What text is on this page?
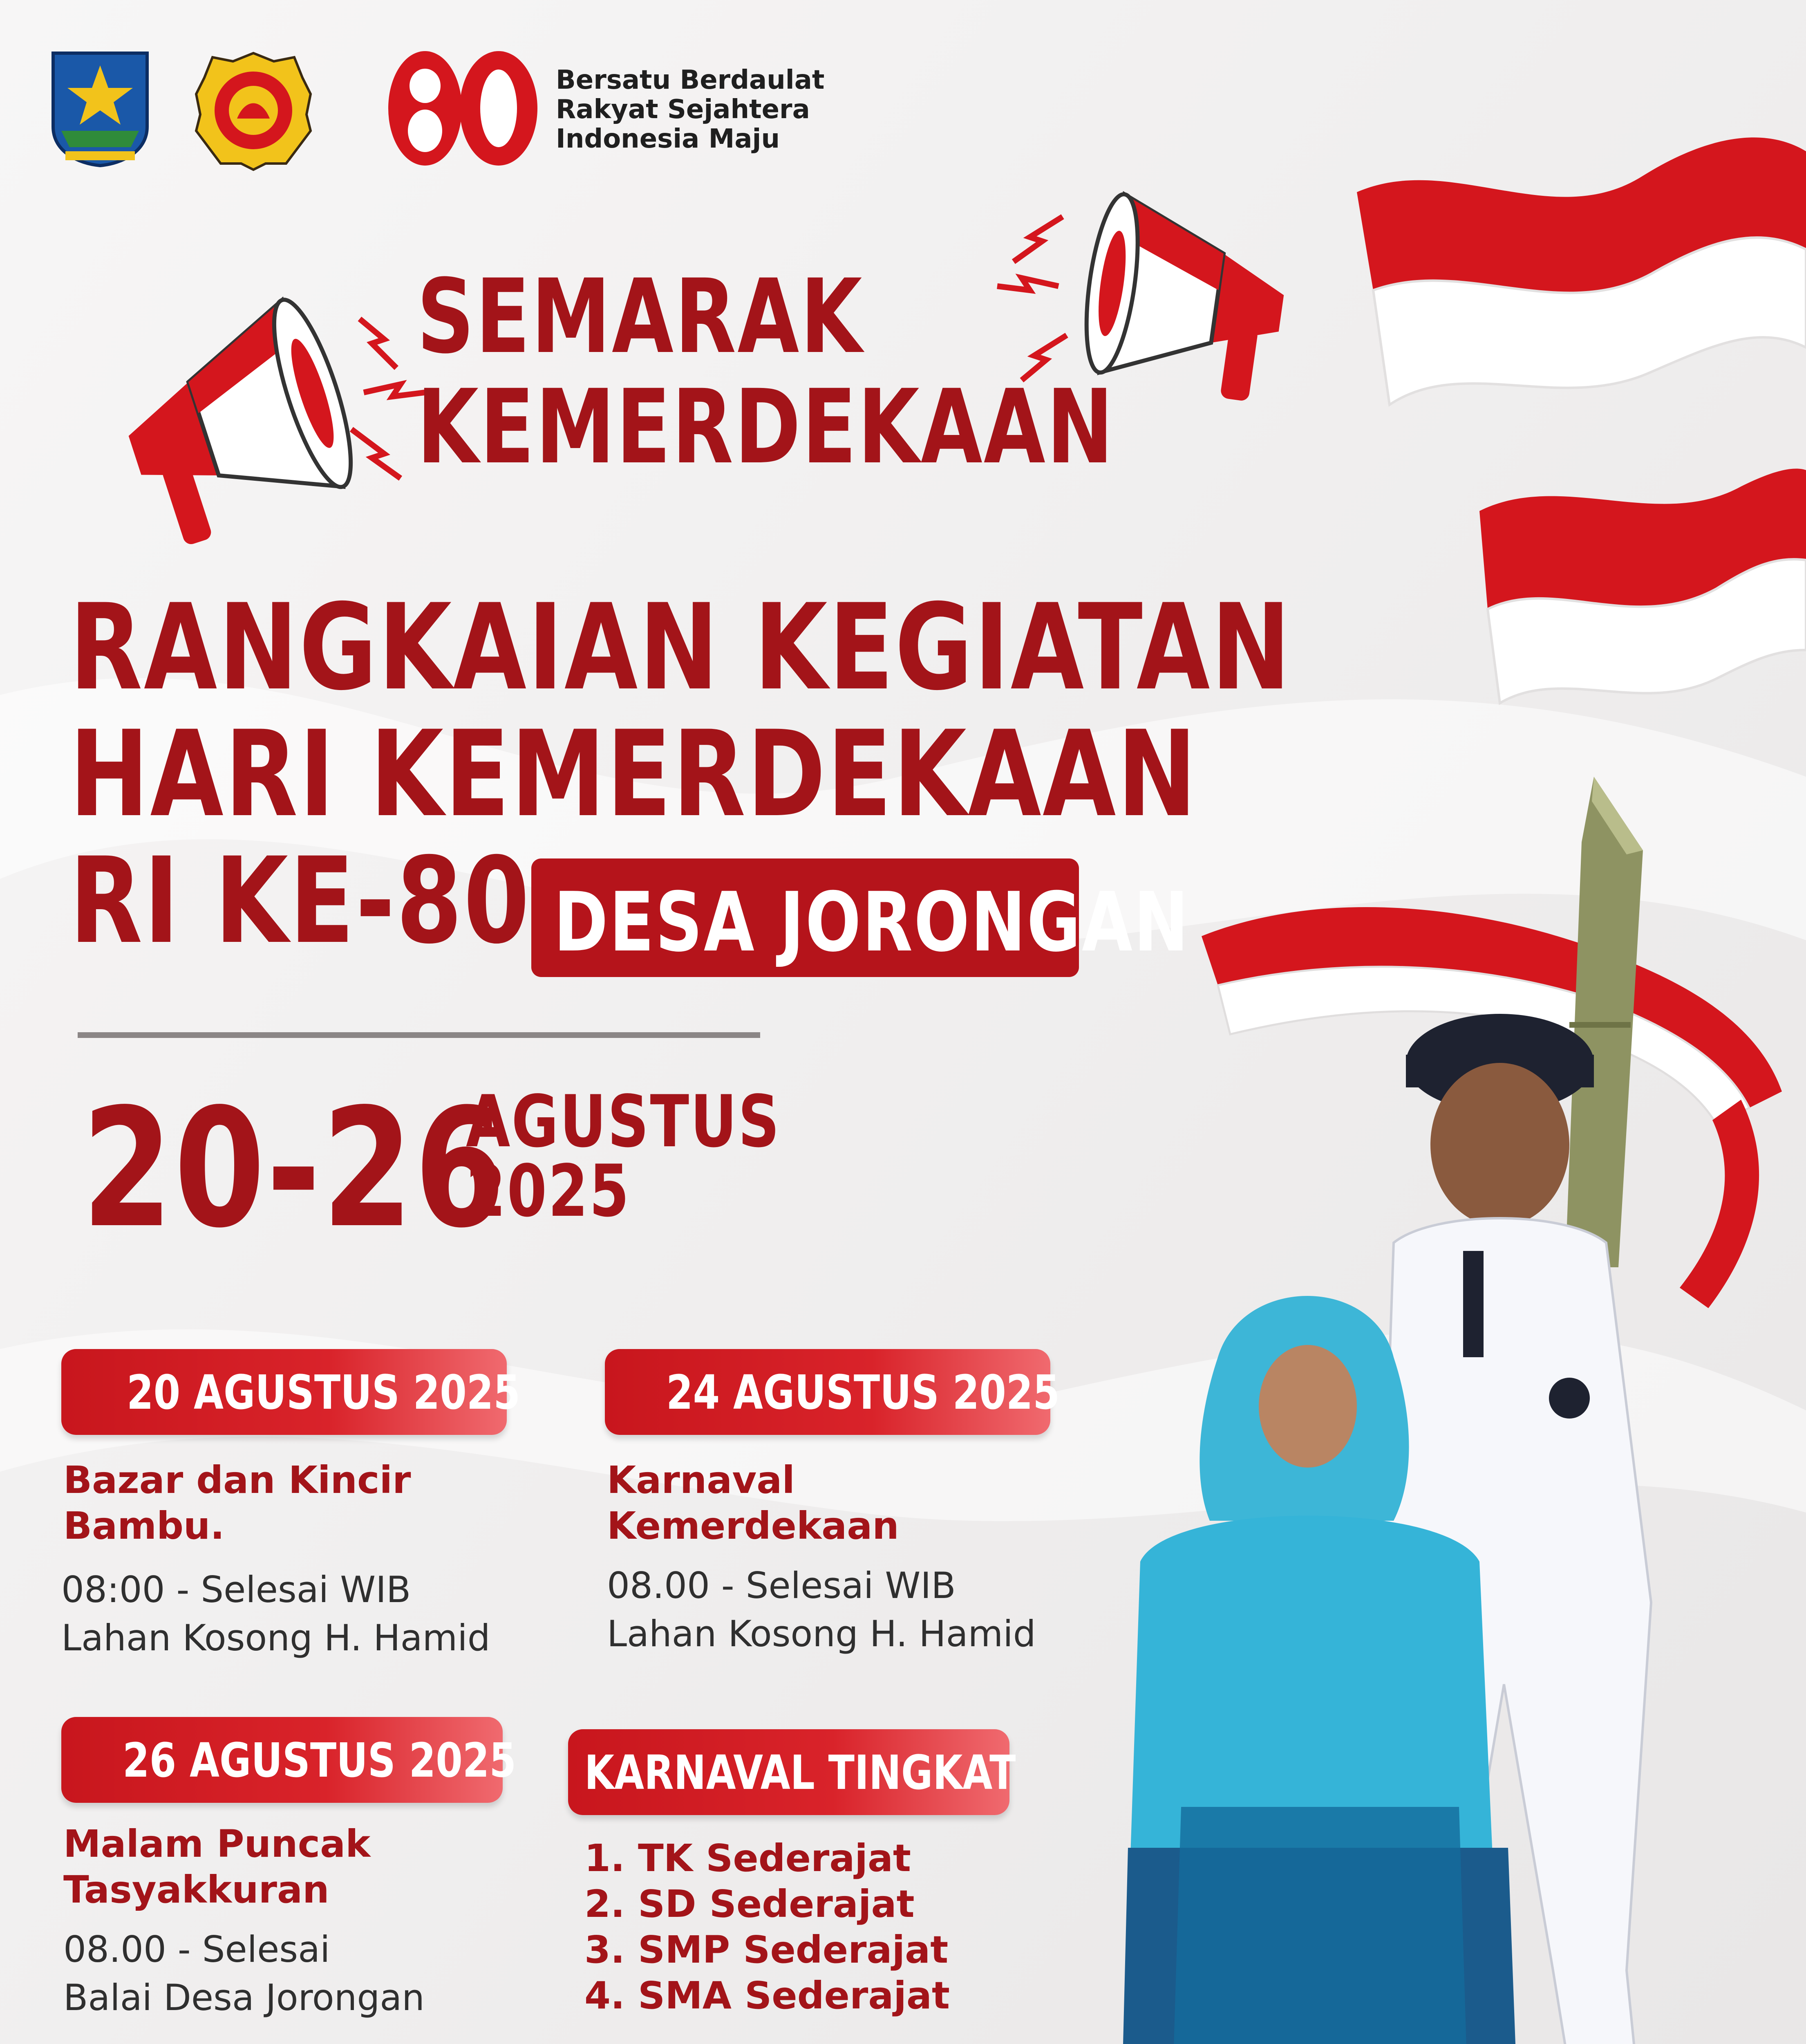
Bersatu Berdaulat
Rakyat Sejahtera
Indonesia Maju
SEMARAK
KEMERDEKAAN
RANGKAIAN KEGIATAN
HARI KEMERDEKAAN
RI KE-80 DESA JORONGAN
20-26
AGUSTUS
2025
20 AGUSTUS 2025
Bazar dan Kincir
Bambu.
08:00 - Selesai WIB
Lahan Kosong H. Hamid
24 AGUSTUS 2025
Karnaval
Kemerdekaan
08.00 - Selesai WIB
Lahan Kosong H. Hamid
26 AGUSTUS 2025
Malam Puncak
Tasyakkuran
08.00 - Selesai
Balai Desa Jorongan
KARNAVAL TINGKAT
1. TK Sederajat
2. SD Sederajat
3. SMP Sederajat
4. SMA Sederajat
